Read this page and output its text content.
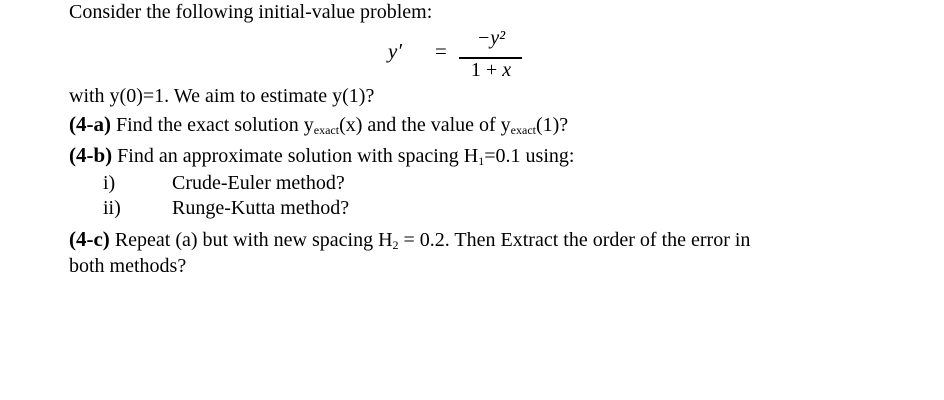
Consider the following initial-value problem:
y′ =
−y²
1 + x
with y(0)=1. We aim to estimate y(1)?
(4-a) Find the exact solution $y_{exact}(x)$ and the value of $y_{exact}(1)$?
(4-b) Find an approximate solution with spacing $H_1=0.1$ using:
i)	Crude-Euler method?
ii)	Runge-Kutta method?
(4-c) Repeat (a) but with new spacing $H_2 = 0.2$. Then Extract the order of the error in
both methods?
